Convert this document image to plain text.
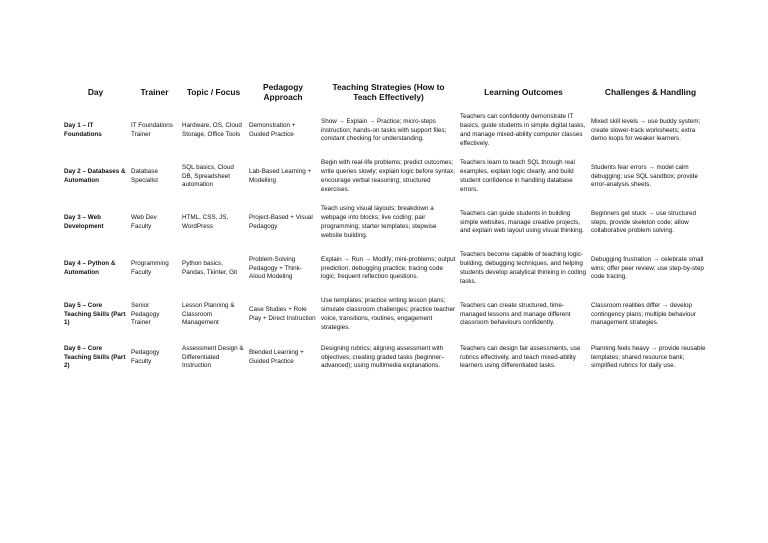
Day	Trainer	Topic / Focus	Pedagogy Approach	Teaching Strategies (How to Teach Effectively)	Learning Outcomes	Challenges & Handling
Day 1 – IT Foundations	IT Foundations Trainer	Hardware, OS, Cloud Storage, Office Tools	Demonstration + Guided Practice	Show → Explain → Practice; micro-steps instruction; hands-on tasks with support files; constant checking for understanding.	Teachers can confidently demonstrate IT basics, guide students in simple digital tasks, and manage mixed-ability computer classes effectively.	Mixed skill levels → use buddy system; create slower-track worksheets; extra demo loops for weaker learners.
Day 2 – Databases & Automation	Database Specialist	SQL basics, Cloud DB, Spreadsheet automation	Lab-Based Learning + Modelling	Begin with real-life problems; predict outcomes; write queries slowly; explain logic before syntax; encourage verbal reasoning; structured exercises.	Teachers learn to teach SQL through real examples, explain logic clearly, and build student confidence in handling database errors.	Students fear errors → model calm debugging; use SQL sandbox; provide error-analysis sheets.
Day 3 – Web Development	Web Dev Faculty	HTML, CSS, JS, WordPress	Project-Based + Visual Pedagogy	Teach using visual layouts; breakdown a webpage into blocks; live coding; pair programming; starter templates; stepwise website building.	Teachers can guide students in building simple websites, manage creative projects, and explain web layout using visual thinking.	Beginners get stuck → use structured steps, provide skeleton code; allow collaborative problem solving.
Day 4 – Python & Automation	Programming Faculty	Python basics, Pandas, Tkinter, Git	Problem-Solving Pedagogy + Think-Aloud Modeling	Explain → Run → Modify; mini-problems; output prediction; debugging practice; tracing code logic; frequent reflection questions.	Teachers become capable of teaching logic-building, debugging techniques, and helping students develop analytical thinking in coding tasks.	Debugging frustration → celebrate small wins; offer peer review; use step-by-step code tracing.
Day 5 – Core Teaching Skills (Part 1)	Senior Pedagogy Trainer	Lesson Planning & Classroom Management	Case Studies + Role Play + Direct Instruction	Use templates; practice writing lesson plans; simulate classroom challenges; practice teacher voice, transitions, routines, engagement strategies.	Teachers can create structured, time-managed lessons and manage different classroom behaviours confidently.	Classroom realities differ → develop contingency plans; multiple behaviour management strategies.
Day 6 – Core Teaching Skills (Part 2)	Pedagogy Faculty	Assessment Design & Differentiated Instruction	Blended Learning + Guided Practice	Designing rubrics; aligning assessment with objectives; creating graded tasks (beginner–advanced); using multimedia explanations.	Teachers can design fair assessments, use rubrics effectively, and teach mixed-ability learners using differentiated tasks.	Planning feels heavy → provide reusable templates; shared resource bank; simplified rubrics for daily use.
